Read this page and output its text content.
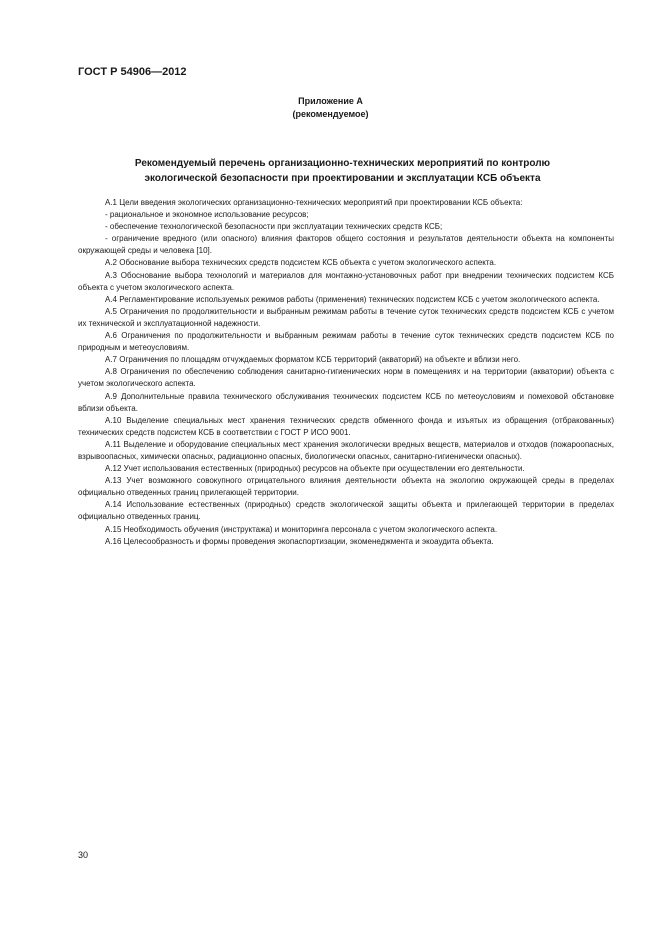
ГОСТ Р 54906—2012
Приложение А
(рекомендуемое)
Рекомендуемый перечень организационно-технических мероприятий по контролю
экологической безопасности при проектировании и эксплуатации КСБ объекта

А.1 Цели введения экологических организационно-технических мероприятий при проектировании КСБ объекта:

- рациональное и экономное использование ресурсов;

- обеспечение технологической безопасности при эксплуатации технических средств КСБ;

- ограничение вредного (или опасного) влияния факторов общего состояния и результатов деятельности объекта на компоненты окружающей среды и человека [10].

А.2 Обоснование выбора технических средств подсистем КСБ объекта с учетом экологического аспекта.

А.3 Обоснование выбора технологий и материалов для монтажно-установочных работ при внедрении технических подсистем КСБ объекта с учетом экологического аспекта.

А.4 Регламентирование используемых режимов работы (применения) технических подсистем КСБ с учетом экологического аспекта.

А.5 Ограничения по продолжительности и выбранным режимам работы в течение суток технических средств подсистем КСБ с учетом их технической и эксплуатационной надежности.

А.6 Ограничения по продолжительности и выбранным режимам работы в течение суток технических средств подсистем КСБ по природным и метеоусловиям.

А.7 Ограничения по площадям отчуждаемых форматом КСБ территорий (акваторий) на объекте и вблизи него.

А.8 Ограничения по обеспечению соблюдения санитарно-гигиенических норм в помещениях и на территории (акватории) объекта с учетом экологического аспекта.

А.9 Дополнительные правила технического обслуживания технических подсистем КСБ по метеоусловиям и помеховой обстановке вблизи объекта.

А.10 Выделение специальных мест хранения технических средств обменного фонда и изъятых из обращения (отбракованных) технических средств подсистем КСБ в соответствии с ГОСТ Р ИСО 9001.

А.11 Выделение и оборудование специальных мест хранения экологически вредных веществ, материалов и отходов (пожароопасных, взрывоопасных, химически опасных, радиационно опасных, биологически опасных, санитарно-гигиенически опасных).

А.12 Учет использования естественных (природных) ресурсов на объекте при осуществлении его деятельности.

А.13 Учет возможного совокупного отрицательного влияния деятельности объекта на экологию окружающей среды в пределах официально отведенных границ прилегающей территории.

А.14 Использование естественных (природных) средств экологической защиты объекта и прилегающей территории в пределах официально отведенных границ.

А.15 Необходимость обучения (инструктажа) и мониторинга персонала с учетом экологического аспекта.

А.16 Целесообразность и формы проведения экопаспортизации, экоменеджмента и экоаудита объекта.

30
